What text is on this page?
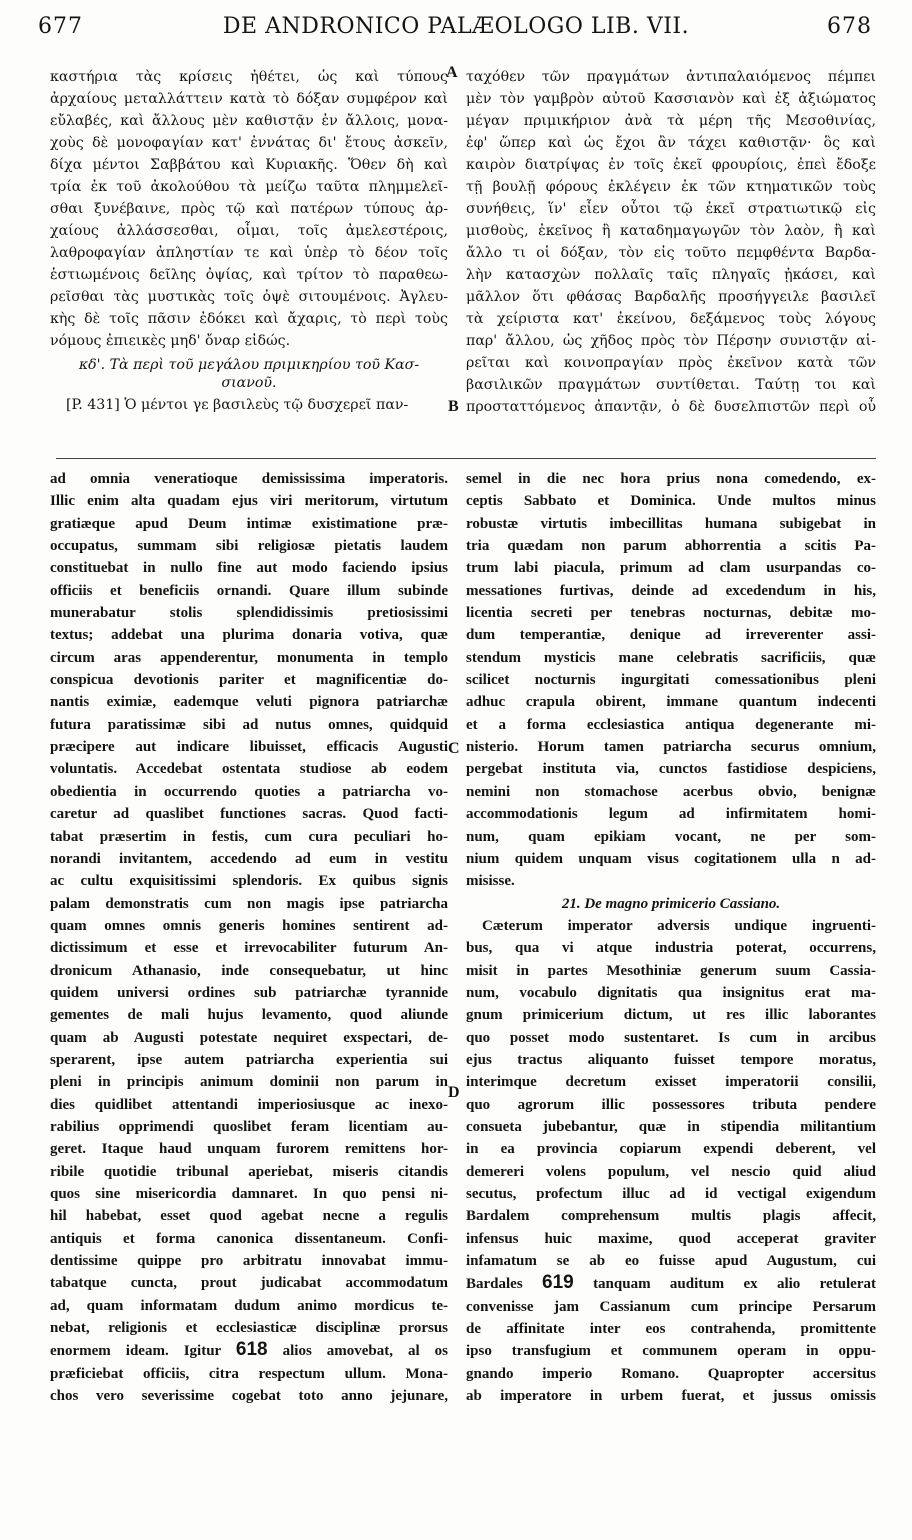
677	DE ANDRONICO PALÆOLOGO LIB. VII.	678
καστήρια τὰς κρίσεις ἠθέτει, ὡς καὶ τύπους
ἀρχαίους μεταλλάττειν κατὰ τὸ δόξαν συμφέρον καὶ
εὔλαβές, καὶ ἄλλους μὲν καθιστᾷν ἐν ἄλλοις, μονα-
χοὺς δὲ μονοφαγίαν κατ' ἐννάτας δι' ἔτους ἀσκεῖν,
δίχα μέντοι Σαββάτου καὶ Κυριακῆς. Ὅθεν δὴ καὶ
τρία ἐκ τοῦ ἀκολούθου τὰ μείζω ταῦτα πλημμελεῖ-
σθαι ξυνέβαινε, πρὸς τῷ καὶ πατέρων τύπους ἀρ-
χαίους ἀλλάσσεσθαι, οἶμαι, τοῖς ἀμελεστέροις,
λαθροφαγίαν ἀπληστίαν τε καὶ ὑπὲρ τὸ δέον τοῖς
ἑστιωμένοις δεῖλης ὀψίας, καὶ τρίτον τὸ παραθεω-
ρεῖσθαι τὰς μυστικὰς τοῖς ὀψὲ σιτουμένοις. Ἀγλευ-
κὴς δὲ τοῖς πᾶσιν ἐδόκει καὶ ἄχαρις, τὸ περὶ τοὺς
νόμους ἐπιεικὲς μηδ' ὄναρ εἰδώς.
κδ'. Τὰ περὶ τοῦ μεγάλου πριμικηρίου τοῦ Κασ-
σιανοῦ.
[P. 431] Ὁ μέντοι γε βασιλεὺς τῷ δυσχερεῖ παν-
ταχόθεν τῶν πραγμάτων ἀντιπαλαιόμενος πέμπει
μὲν τὸν γαμβρὸν αὐτοῦ Κασσιανὸν καὶ ἐξ ἀξιώματος
μέγαν πριμικήριον ἀνὰ τὰ μέρη τῆς Μεσοθινίας,
ἐφ' ὥπερ καὶ ὡς ἔχοι ἂν τάχει καθιστᾷν· ὃς καὶ
καιρὸν διατρίψας ἐν τοῖς ἐκεῖ φρουρίοις, ἐπεὶ ἔδοξε
τῇ βουλῇ φόρους ἐκλέγειν ἐκ τῶν κτηματικῶν τοὺς
συνήθεις, ἵν' εἶεν οὗτοι τῷ ἐκεῖ στρατιωτικῷ εἰς
μισθοὺς, ἐκεῖνος ἢ καταδημαγωγῶν τὸν λαὸν, ἢ καὶ
ἄλλο τι οἱ δόξαν, τὸν εἰς τοῦτο πεμφθέντα Βαρδα-
λὴν κατασχὼν πολλαῖς ταῖς πληγαῖς ᾐκάσει, καὶ
μᾶλλον ὅτι φθάσας Βαρδαλῆς προσήγγειλε βασιλεῖ
τὰ χείριστα κατ' ἐκείνου, δεξάμενος τοὺς λόγους
παρ' ἄλλου, ὡς χῆδος πρὸς τὸν Πέρσην συνιστᾷν αἱ-
ρεῖται καὶ κοινοπραγίαν πρὸς ἐκεῖνον κατὰ τῶν
βασιλικῶν πραγμάτων συντίθεται. Ταύτῃ τοι καὶ
προσταττόμενος ἀπαντᾷν, ὁ δὲ δυσελπιστῶν περὶ οὗ
A
B
C
D
ad omnia veneratioque demississima imperatoris.
Illic enim alta quadam ejus viri meritorum, virtutum
gratiæque apud Deum intimæ existimatione præ-
occupatus, summam sibi religiosæ pietatis laudem
constituebat in nullo fine aut modo faciendo ipsius
officiis et beneficiis ornandi. Quare illum subinde
munerabatur stolis splendidissimis pretiosissimi
textus; addebat una plurima donaria votiva, quæ
circum aras appenderentur, monumenta in templo
conspicua devotionis pariter et magnificentiæ do-
nantis eximiæ, eademque veluti pignora patriarchæ
futura paratissimæ sibi ad nutus omnes, quidquid
præcipere aut indicare libuisset, efficacis Augusti
voluntatis. Accedebat ostentata studiose ab eodem
obedientia in occurrendo quoties a patriarcha vo-
caretur ad quaslibet functiones sacras. Quod facti-
tabat præsertim in festis, cum cura peculiari ho-
norandi invitantem, accedendo ad eum in vestitu
ac cultu exquisitissimi splendoris. Ex quibus signis
palam demonstratis cum non magis ipse patriarcha
quam omnes omnis generis homines sentirent ad-
dictissimum et esse et irrevocabiliter futurum An-
dronicum Athanasio, inde consequebatur, ut hinc
quidem universi ordines sub patriarchæ tyrannide
gementes de mali hujus levamento, quod aliunde
quam ab Augusti potestate nequiret exspectari, de-
sperarent, ipse autem patriarcha experientia sui
pleni in principis animum dominii non parum in
dies quidlibet attentandi imperiosiusque ac inexo-
rabilius opprimendi quoslibet feram licentiam au-
geret. Itaque haud unquam furorem remittens hor-
ribile quotidie tribunal aperiebat, miseris citandis
quos sine misericordia damnaret. In quo pensi ni-
hil habebat, esset quod agebat necne a regulis
antiquis et forma canonica dissentaneum. Confi-
dentissime quippe pro arbitratu innovabat immu-
tabatque cuncta, prout judicabat accommodatum
ad, quam informatam dudum animo mordicus te-
nebat, religionis et ecclesiasticæ disciplinæ prorsus
enormem ideam. Igitur 618 alios amovebat, al os
præficiebat officiis, citra respectum ullum. Mona-
chos vero severissime cogebat toto anno jejunare,
semel in die nec hora prius nona comedendo, ex-
ceptis Sabbato et Dominica. Unde multos minus
robustæ virtutis imbecillitas humana subigebat in
tria quædam non parum abhorrentia a scitis Pa-
trum labi piacula, primum ad clam usurpandas co-
messationes furtivas, deinde ad excedendum in his,
licentia secreti per tenebras nocturnas, debitæ mo-
dum temperantiæ, denique ad irreverenter assi-
stendum mysticis mane celebratis sacrificiis, quæ
scilicet nocturnis ingurgitati comessationibus pleni
adhuc crapula obirent, immane quantum indecenti
et a forma ecclesiastica antiqua degenerante mi-
nisterio. Horum tamen patriarcha securus omnium,
pergebat instituta via, cunctos fastidiose despiciens,
nemini non stomachose acerbus obvio, benignæ
accommodationis legum ad infirmitatem homi-
num, quam epikiam vocant, ne per som-
nium quidem unquam visus cogitationem ulla n ad-
misisse.
21. De magno primicerio Cassiano.
Cæterum imperator adversis undique ingruenti-
bus, qua vi atque industria poterat, occurrens,
misit in partes Mesothiniæ generum suum Cassia-
num, vocabulo dignitatis qua insignitus erat ma-
gnum primicerium dictum, ut res illic laborantes
quo posset modo sustentaret. Is cum in arcibus
ejus tractus aliquanto fuisset tempore moratus,
interimque decretum exisset imperatorii consilii,
quo agrorum illic possessores tributa pendere
consueta jubebantur, quæ in stipendia militantium
in ea provincia copiarum expendi deberent, vel
demereri volens populum, vel nescio quid aliud
secutus, profectum illuc ad id vectigal exigendum
Bardalem comprehensum multis plagis affecit,
infensus huic maxime, quod acceperat graviter
infamatum se ab eo fuisse apud Augustum, cui
Bardales 619 tanquam auditum ex alio retulerat
convenisse jam Cassianum cum principe Persarum
de affinitate inter eos contrahenda, promittente
ipso transfugium et communem operam in oppu-
gnando imperio Romano. Quapropter accersitus
ab imperatore in urbem fuerat, et jussus omissis
